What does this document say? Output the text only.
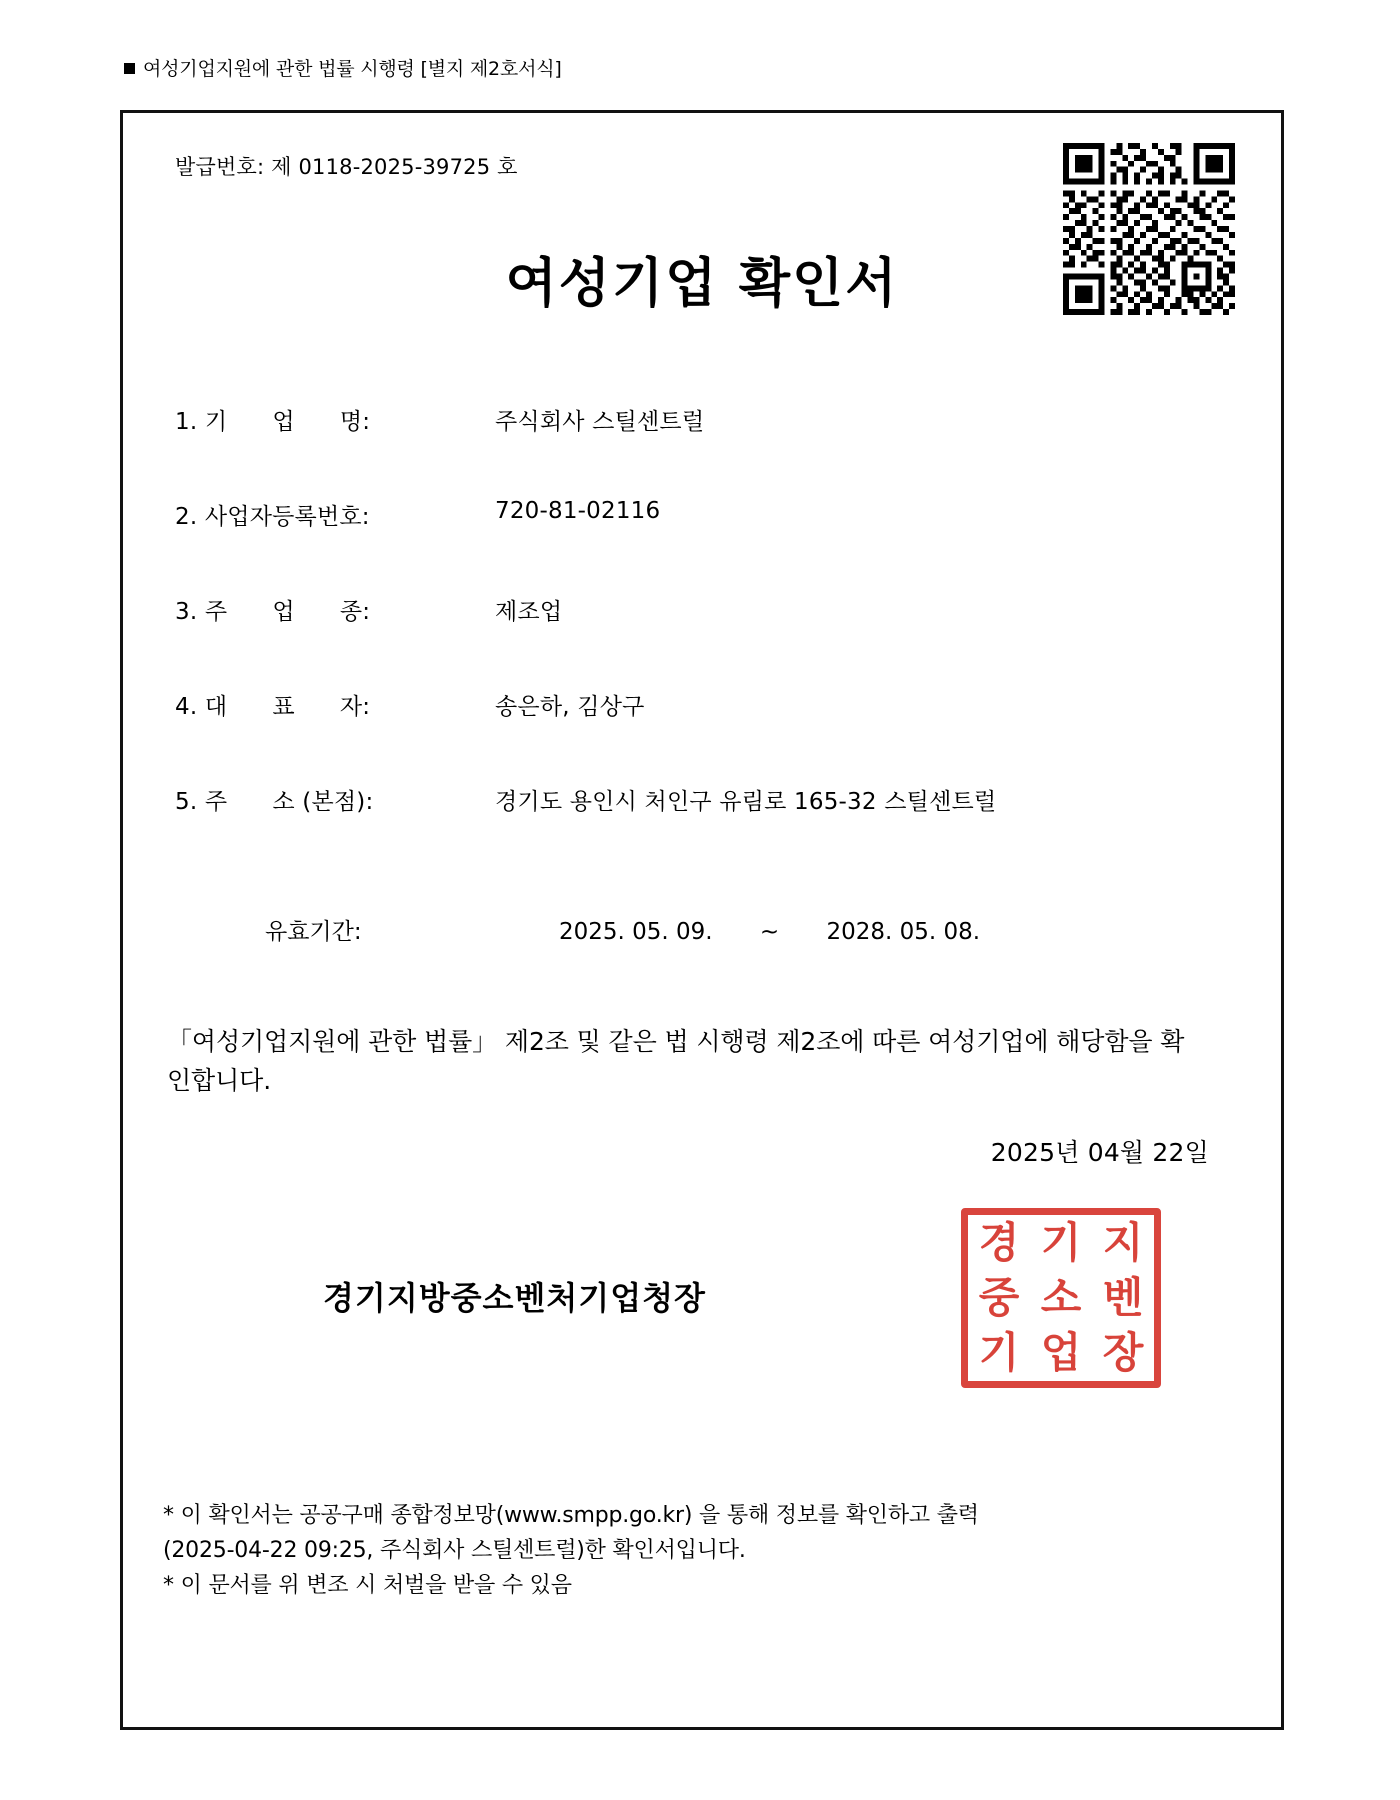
여성기업지원에 관한 법률 시행령 [별지 제2호서식]
발급번호: 제 0118-2025-39725 호
여성기업 확인서
1. 기      업      명:	주식회사 스틸센트럴
2. 사업자등록번호:	720-81-02116
3. 주      업      종:	제조업
4. 대      표      자:	송은하, 김상구
5. 주      소 (본점):	경기도 용인시 처인구 유림로 165-32 스틸센트럴
유효기간:	2025. 05. 09. ~ 2028. 05. 08.
「여성기업지원에 관한 법률」 제2조 및 같은 법 시행령 제2조에 따른 여성기업에 해당함을 확인합니다.
2025년 04월 22일
경기지방중소벤처기업청장
경 기 지
중 소 벤
기 업 장
* 이 확인서는 공공구매 종합정보망(www.smpp.go.kr) 을 통해 정보를 확인하고 출력
(2025-04-22 09:25, 주식회사 스틸센트럴)한 확인서입니다.
* 이 문서를 위 변조 시 처벌을 받을 수 있음
